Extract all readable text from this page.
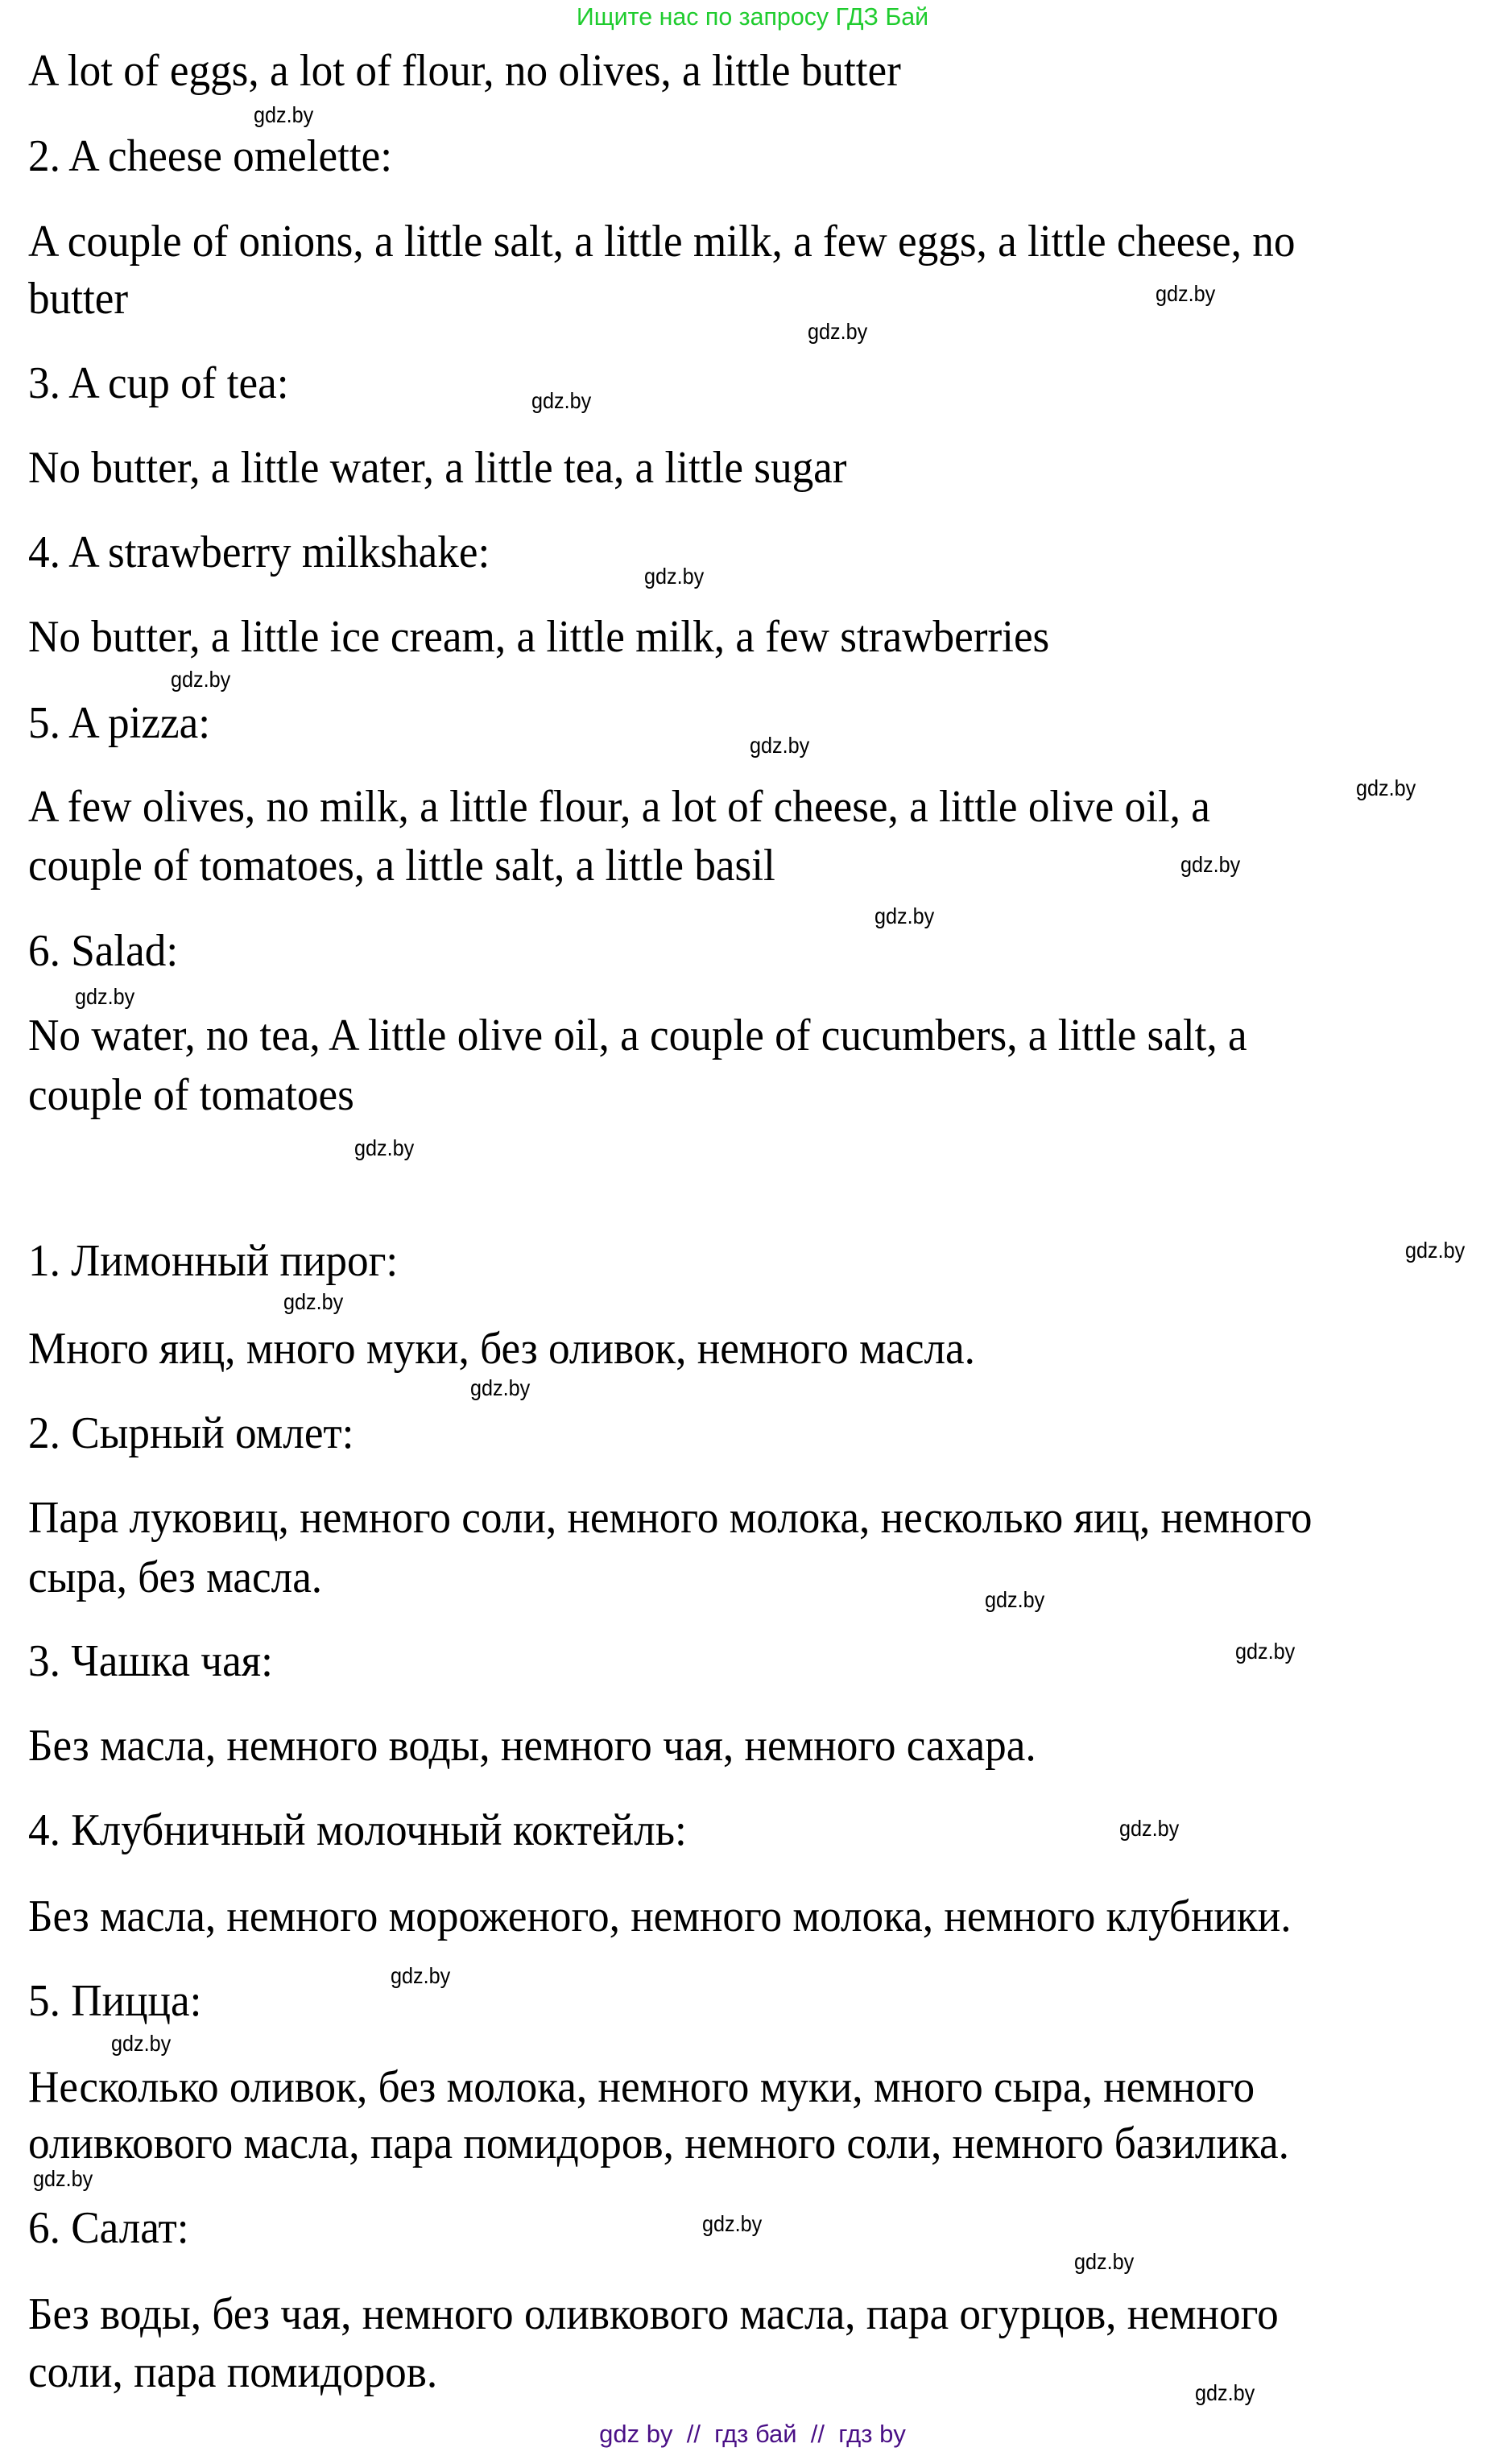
Ищите нас по запросу ГДЗ Бай
A lot of eggs, a lot of flour, no olives, a little butter
2. A cheese omelette:
A couple of onions, a little salt, a little milk, a few eggs, a little cheese, no
butter
3. A cup of tea:
No butter, a little water, a little tea, a little sugar
4. A strawberry milkshake:
No butter, a little ice cream, a little milk, a few strawberries
5. A pizza:
A few olives, no milk, a little flour, a lot of cheese, a little olive oil, a
couple of tomatoes, a little salt, a little basil
6. Salad:
No water, no tea, A little olive oil, a couple of cucumbers, a little salt, a
couple of tomatoes
1. Лимонный пирог:
Много яиц, много муки, без оливок, немного масла.
2. Сырный омлет:
Пара луковиц, немного соли, немного молока, несколько яиц, немного
сыра, без масла.
3. Чашка чая:
Без масла, немного воды, немного чая, немного сахара.
4. Клубничный молочный коктейль:
Без масла, немного мороженого, немного молока, немного клубники.
5. Пицца:
Несколько оливок, без молока, немного муки, много сыра, немного
оливкового масла, пара помидоров, немного соли, немного базилика.
6. Салат:
Без воды, без чая, немного оливкового масла, пара огурцов, немного
соли, пара помидоров.
gdz.by
gdz.by
gdz.by
gdz.by
gdz.by
gdz.by
gdz.by
gdz.by
gdz.by
gdz.by
gdz.by
gdz.by
gdz.by
gdz.by
gdz.by
gdz.by
gdz.by
gdz.by
gdz.by
gdz.by
gdz.by
gdz.by
gdz.by
gdz.by
gdz by  //  гдз бай  //  гдз by
